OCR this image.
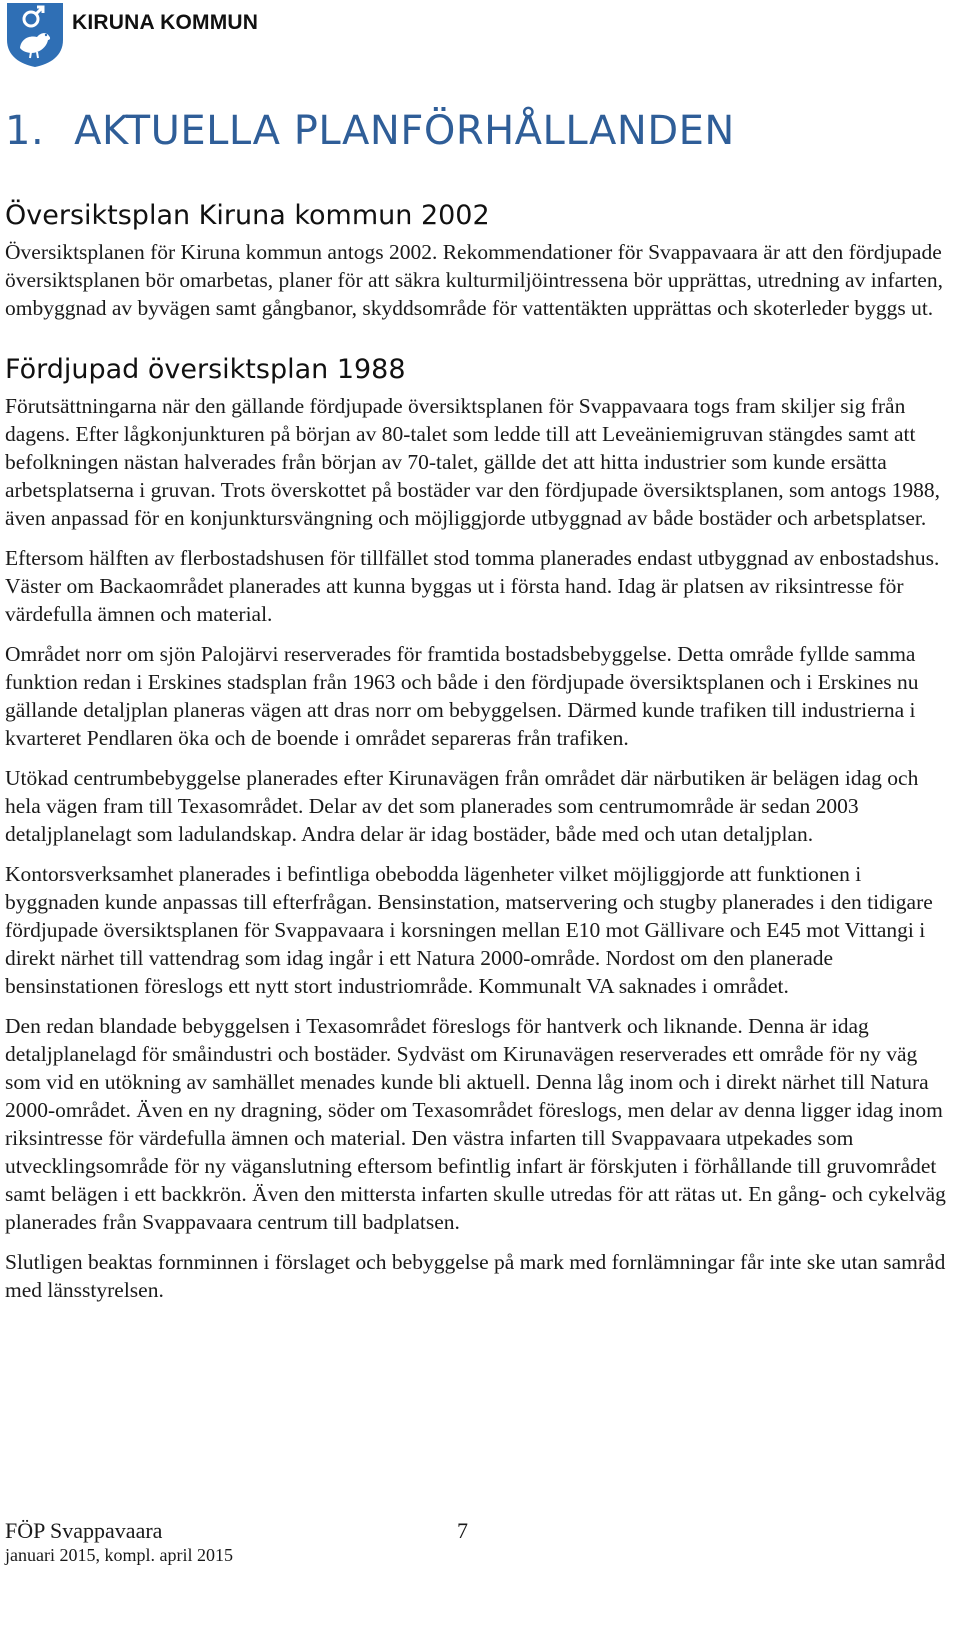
KIRUNA KOMMUN
1. AKTUELLA PLANFÖRHÅLLANDEN
Översiktsplan Kiruna kommun 2002

Översiktsplanen för Kiruna kommun antogs 2002. Rekommendationer för Svappavaara är att den fördjupade översiktsplanen bör omarbetas, planer för att säkra kulturmiljöintressena bör upprättas, utredning av infarten, ombyggnad av byvägen samt gångbanor, skyddsområde för vattentäkten upprättas och skoterleder byggs ut.

Fördjupad översiktsplan 1988

Förutsättningarna när den gällande fördjupade översiktsplanen för Svappavaara togs fram skiljer sig från dagens. Efter lågkonjunkturen på början av 80-talet som ledde till att Leveäniemigruvan stängdes samt att befolkningen nästan halverades från början av 70-talet, gällde det att hitta industrier som kunde ersätta arbetsplatserna i gruvan. Trots överskottet på bostäder var den fördjupade översiktsplanen, som antogs 1988, även anpassad för en konjunktursvängning och möjliggjorde utbyggnad av både bostäder och arbetsplatser.

Eftersom hälften av flerbostadshusen för tillfället stod tomma planerades endast utbyggnad av enbostadshus. Väster om Backaområdet planerades att kunna byggas ut i första hand. Idag är platsen av riksintresse för värdefulla ämnen och material.

Området norr om sjön Palojärvi reserverades för framtida bostadsbebyggelse. Detta område fyllde samma funktion redan i Erskines stadsplan från 1963 och både i den fördjupade översiktsplanen och i Erskines nu gällande detaljplan planeras vägen att dras norr om bebyggelsen. Därmed kunde trafiken till industrierna i kvarteret Pendlaren öka och de boende i området separeras från trafiken.

Utökad centrumbebyggelse planerades efter Kirunavägen från området där närbutiken är belägen idag och hela vägen fram till Texasområdet. Delar av det som planerades som centrumområde är sedan 2003 detaljplanelagt som ladulandskap. Andra delar är idag bostäder, både med och utan detaljplan.

Kontorsverksamhet planerades i befintliga obebodda lägenheter vilket möjliggjorde att funktionen i byggnaden kunde anpassas till efterfrågan. Bensinstation, matservering och stugby planerades i den tidigare fördjupade översiktsplanen för Svappavaara i korsningen mellan E10 mot Gällivare och E45 mot Vittangi i direkt närhet till vattendrag som idag ingår i ett Natura 2000-område. Nordost om den planerade bensinstationen föreslogs ett nytt stort industriområde. Kommunalt VA saknades i området.

Den redan blandade bebyggelsen i Texasområdet föreslogs för hantverk och liknande. Denna är idag detaljplanelagd för småindustri och bostäder. Sydväst om Kirunavägen reserverades ett område för ny väg som vid en utökning av samhället menades kunde bli aktuell. Denna låg inom och i direkt närhet till Natura 2000-området. Även en ny dragning, söder om Texasområdet föreslogs, men delar av denna ligger idag inom riksintresse för värdefulla ämnen och material. Den västra infarten till Svappavaara utpekades som utvecklingsområde för ny väganslutning eftersom befintlig infart är förskjuten i förhållande till gruvområdet samt belägen i ett backkrön. Även den mittersta infarten skulle utredas för att rätas ut. En gång- och cykelväg planerades från Svappavaara centrum till badplatsen.

Slutligen beaktas fornminnen i förslaget och bebyggelse på mark med fornlämningar får inte ske utan samråd med länsstyrelsen.

FÖP Svappavaara
januari 2015, kompl. april 2015
7
